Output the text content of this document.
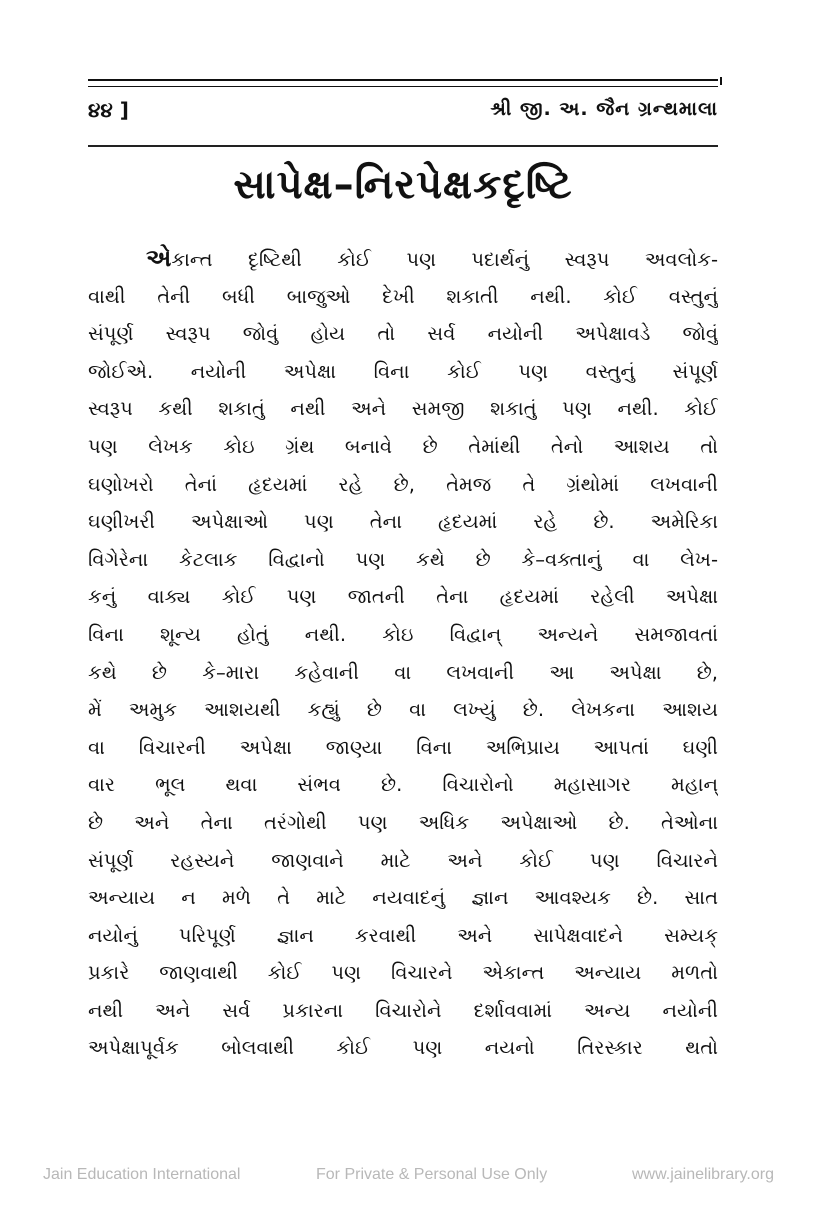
૪૪ ]	શ્રી જી. અ. જૈન ગ્રન્થમાલા
સાપેક્ષ–નિરપેક્ષકદૃષ્ટિ
એકાન્ત દૃષ્ટિથી કોઈ પણ પદાર્થનું સ્વરૂપ અવલોક-
વાથી તેની બધી બાજુઓ દેખી શકાતી નથી. કોઈ વસ્તુનું
સંપૂર્ણ સ્વરૂપ જોવું હોય તો સર્વ નયોની અપેક્ષાવડે જોવું
જોઈએ. નયોની અપેક્ષા વિના કોઈ પણ વસ્તુનું સંપૂર્ણ
સ્વરૂપ કથી શકાતું નથી અને સમજી શકાતું પણ નથી. કોઈ
પણ લેખક કોઇ ગ્રંથ બનાવે છે તેમાંથી તેનો આશય તો
ઘણોખરો તેનાં હૃદયમાં રહે છે, તેમજ તે ગ્રંથોમાં લખવાની
ઘણીખરી અપેક્ષાઓ પણ તેના હૃદયમાં રહે છે. અમેરિકા
વિગેરેના કેટલાક વિદ્વાનો પણ કથે છે કે–વક્તાનું વા લેખ-
કનું વાક્ય કોઈ પણ જાતની તેના હૃદયમાં રહેલી અપેક્ષા
વિના શૂન્ય હોતું નથી. કોઇ વિદ્વાન્ અન્યને સમજાવતાં
કથે છે કે–મારા કહેવાની વા લખવાની આ અપેક્ષા છે,
મેં અમુક આશયથી કહ્યું છે વા લખ્યું છે. લેખકના આશય
વા વિચારની અપેક્ષા જાણ્યા વિના અભિપ્રાય આપતાં ઘણી
વાર ભૂલ થવા સંભવ છે. વિચારોનો મહાસાગર મહાન્
છે અને તેના તરંગોથી પણ અધિક અપેક્ષાઓ છે. તેઓના
સંપૂર્ણ રહસ્યને જાણવાને માટે અને કોઈ પણ વિચારને
અન્યાય ન મળે તે માટે નયવાદનું જ્ઞાન આવશ્યક છે. સાત
નયોનું પરિપૂર્ણ જ્ઞાન કરવાથી અને સાપેક્ષવાદને સમ્યક્
પ્રકારે જાણવાથી કોઈ પણ વિચારને એકાન્ત અન્યાય મળતો
નથી અને સર્વ પ્રકારના વિચારોને દર્શાવવામાં અન્ય નયોની
અપેક્ષાપૂર્વક બોલવાથી કોઈ પણ નયનો તિરસ્કાર થતો
Jain Education International	For Private & Personal Use Only	www.jainelibrary.org
